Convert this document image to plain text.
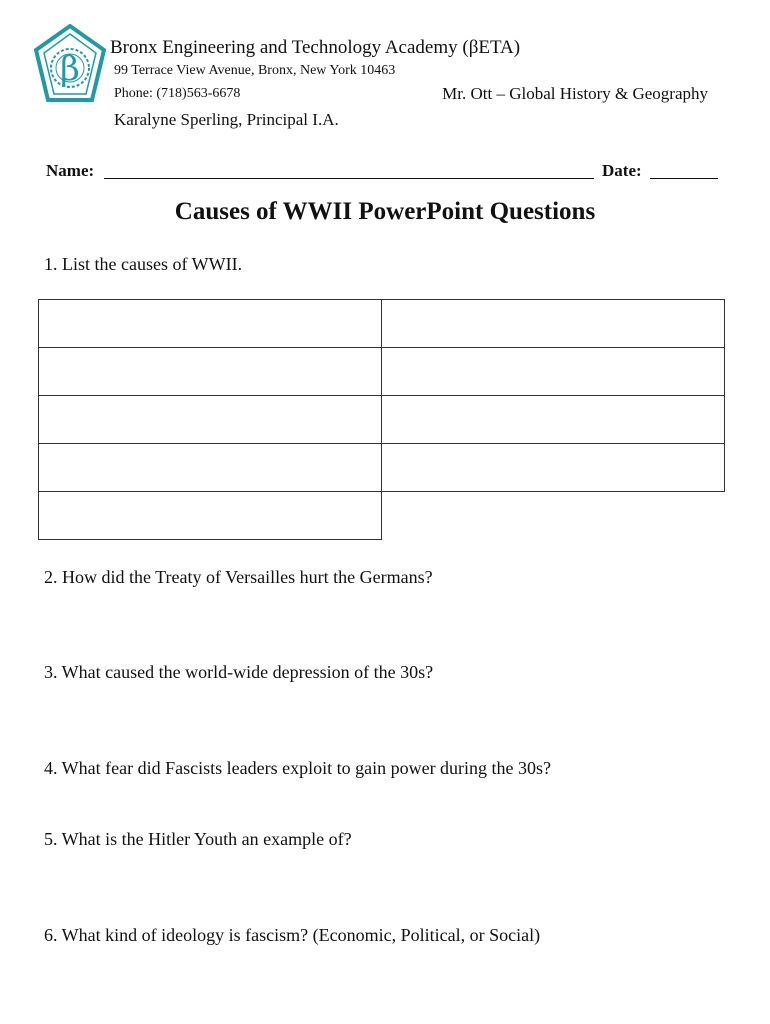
β
Bronx Engineering and Technology Academy (βETA)
99 Terrace View Avenue, Bronx, New York 10463
Phone: (718)563-6678	Mr. Ott – Global History & Geography
Karalyne Sperling, Principal I.A.
Name:	Date:
Causes of WWII PowerPoint Questions
1. List the causes of WWII.

2. How did the Treaty of Versailles hurt the Germans?
3. What caused the world-wide depression of the 30s?
4. What fear did Fascists leaders exploit to gain power during the 30s?
5. What is the Hitler Youth an example of?
6. What kind of ideology is fascism? (Economic, Political, or Social)
